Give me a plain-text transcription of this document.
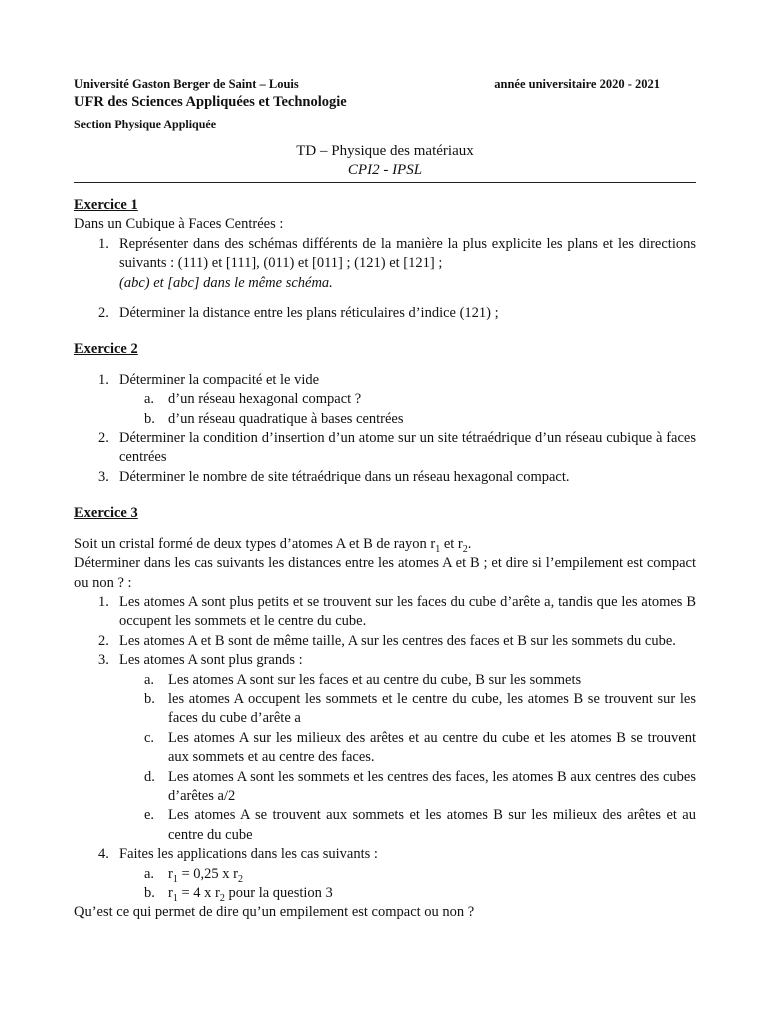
Université Gaston Berger de Saint – Louis	année universitaire 2020 - 2021
UFR des Sciences Appliquées et Technologie
Section Physique Appliquée
TD – Physique des matériaux
CPI2 - IPSL
Exercice 1
Dans un Cubique à Faces Centrées :
1. Représenter dans des schémas différents de la manière la plus explicite les plans et les directions suivants : (111) et [111], (011) et [011] ; (121) et [121] ;
(abc) et [abc] dans le même schéma.
2. Déterminer la distance entre les plans réticulaires d’indice (121) ;
Exercice 2
1. Déterminer la compacité et le vide
a. d’un réseau hexagonal compact ?
b. d’un réseau quadratique à bases centrées
2. Déterminer la condition d’insertion d’un atome sur un site tétraédrique d’un réseau cubique à faces centrées
3. Déterminer le nombre de site tétraédrique dans un réseau hexagonal compact.
Exercice 3
Soit un cristal formé de deux types d’atomes A et B de rayon $r_1$ et $r_2$.
Déterminer dans les cas suivants les distances entre les atomes A et B ; et dire si l’empilement est compact ou non ? :
1. Les atomes A sont plus petits et se trouvent sur les faces du cube d’arête a, tandis que les atomes B occupent les sommets et le centre du cube.
2. Les atomes A et B sont de même taille, A sur les centres des faces et B sur les sommets du cube.
3. Les atomes A sont plus grands :
a. Les atomes A sont sur les faces et au centre du cube, B sur les sommets
b. les atomes A occupent les sommets et le centre du cube, les atomes B se trouvent sur les faces du cube d’arête a
c. Les atomes A sur les milieux des arêtes et au centre du cube et les atomes B se trouvent aux sommets et au centre des faces.
d. Les atomes A sont les sommets et les centres des faces, les atomes B aux centres des cubes d’arêtes a/2
e. Les atomes A se trouvent aux sommets et les atomes B sur les milieux des arêtes et au centre du cube
4. Faites les applications dans les cas suivants :
a. $r_1 = 0,25$ x $r_2$
b. $r_1 = 4$ x $r_2$ pour la question 3
Qu’est ce qui permet de dire qu’un empilement est compact ou non ?
